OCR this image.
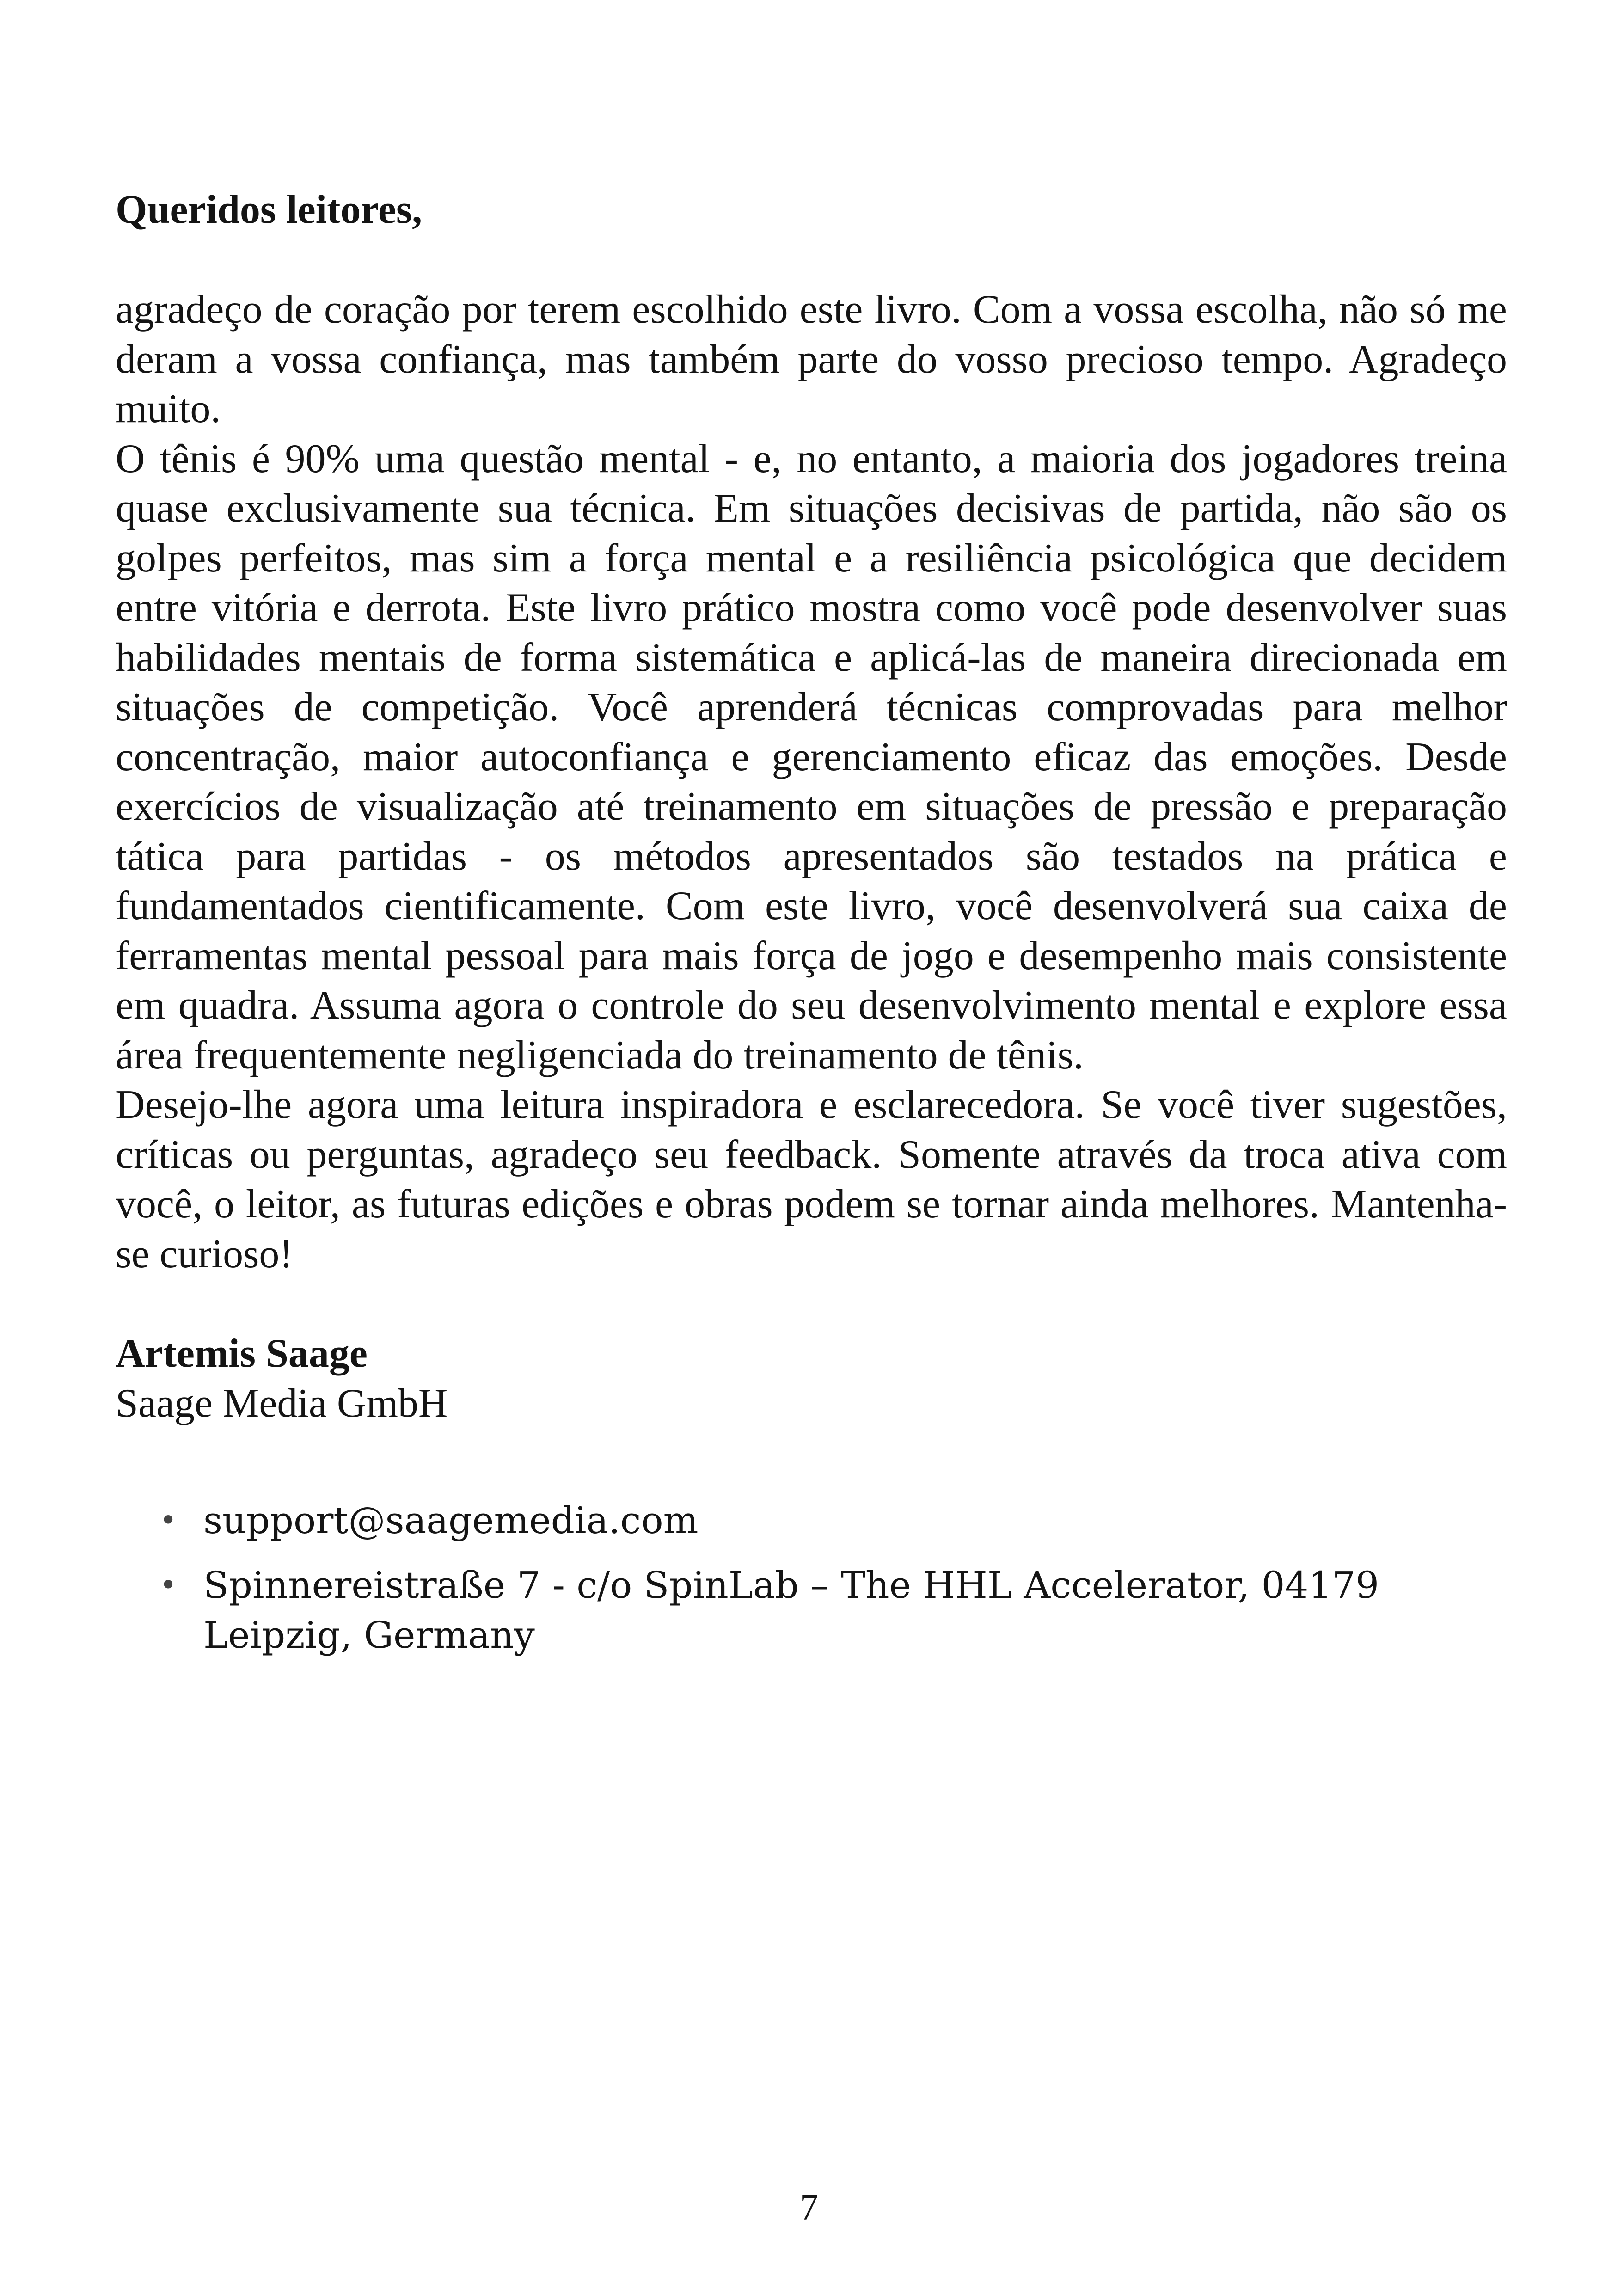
Queridos leitores,

agradeço de coração por terem escolhido este livro. Com a vossa escolha, não só me deram a vossa confiança, mas também parte do vosso precioso tempo. Agradeço muito.

O tênis é 90% uma questão mental - e, no entanto, a maioria dos jogadores treina quase exclusivamente sua técnica. Em situações decisivas de partida, não são os golpes perfeitos, mas sim a força mental e a resiliência psicológica que decidem entre vitória e derrota. Este livro prático mostra como você pode desenvolver suas habilidades mentais de forma sistemática e aplicá-las de maneira direcionada em situações de competição. Você aprenderá técnicas comprovadas para melhor concentração, maior autoconfiança e gerenciamento eficaz das emoções. Desde exercícios de visualização até treinamento em situações de pressão e preparação tática para partidas - os métodos apresentados são testados na prática e fundamentados cientificamente. Com este livro, você desenvolverá sua caixa de ferramentas mental pessoal para mais força de jogo e desempenho mais consistente em quadra. Assuma agora o controle do seu desenvolvimento mental e explore essa área frequentemente negligenciada do treinamento de tênis.

Desejo-lhe agora uma leitura inspiradora e esclarecedora. Se você tiver sugestões, críticas ou perguntas, agradeço seu feedback. Somente através da troca ativa com você, o leitor, as futuras edições e obras podem se tornar ainda melhores. Mantenha-se curioso!

Artemis Saage
Saage Media GmbH
• support@saagemedia.com
• Spinnereistraße 7 - c/o SpinLab – The HHL Accelerator, 04179 Leipzig, Germany
7
